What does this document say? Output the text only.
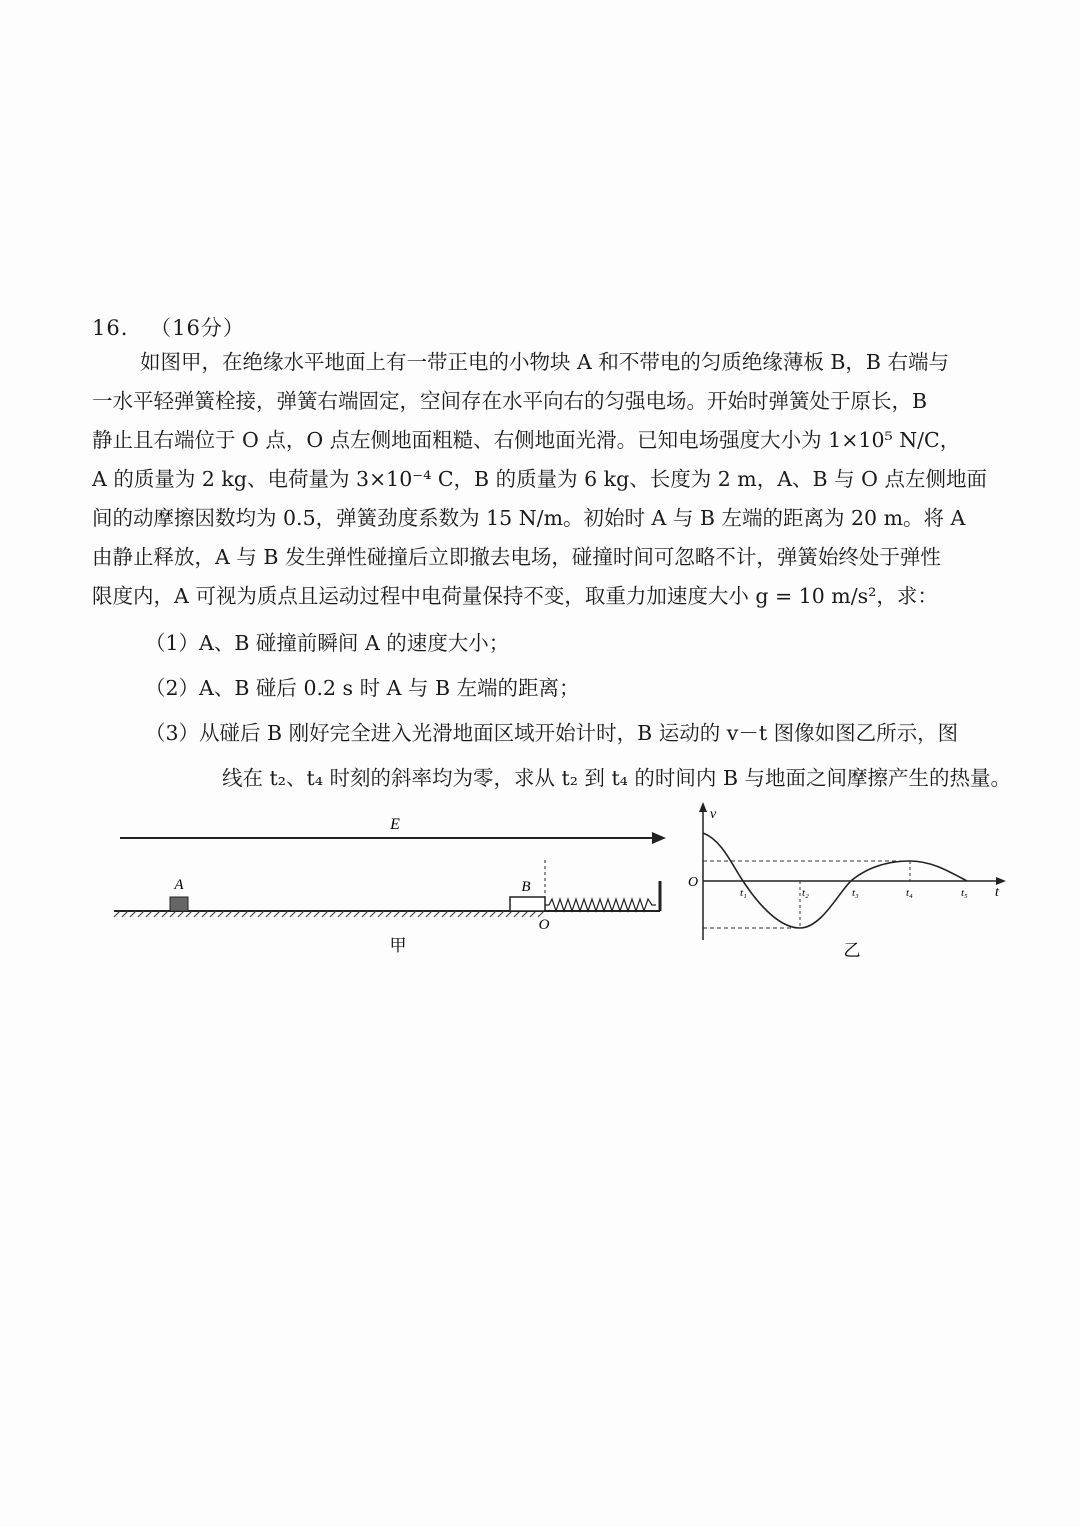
16. （16分）
如图甲，在绝缘水平地面上有一带正电的小物块 A 和不带电的匀质绝缘薄板 B，B 右端与
一水平轻弹簧栓接，弹簧右端固定，空间存在水平向右的匀强电场。开始时弹簧处于原长，B
静止且右端位于 O 点，O 点左侧地面粗糙、右侧地面光滑。已知电场强度大小为 1×10⁵ N/C，
A 的质量为 2 kg、电荷量为 3×10⁻⁴ C，B 的质量为 6 kg、长度为 2 m，A、B 与 O 点左侧地面
间的动摩擦因数均为 0.5，弹簧劲度系数为 15 N/m。初始时 A 与 B 左端的距离为 20 m。将 A
由静止释放，A 与 B 发生弹性碰撞后立即撤去电场，碰撞时间可忽略不计，弹簧始终处于弹性
限度内，A 可视为质点且运动过程中电荷量保持不变，取重力加速度大小 g = 10 m/s²，求：
（1）A、B 碰撞前瞬间 A 的速度大小；
（2）A、B 碰后 0.2 s 时 A 与 B 左端的距离；
（3）从碰后 B 刚好完全进入光滑地面区域开始计时，B 运动的 v－t 图像如图乙所示，图
线在 t₂、t₄ 时刻的斜率均为零，求从 t₂ 到 t₄ 的时间内 B 与地面之间摩擦产生的热量。
E
A	B
O
甲
v
t
O
t₁	t₂	t₃	t₄	t₅
乙
